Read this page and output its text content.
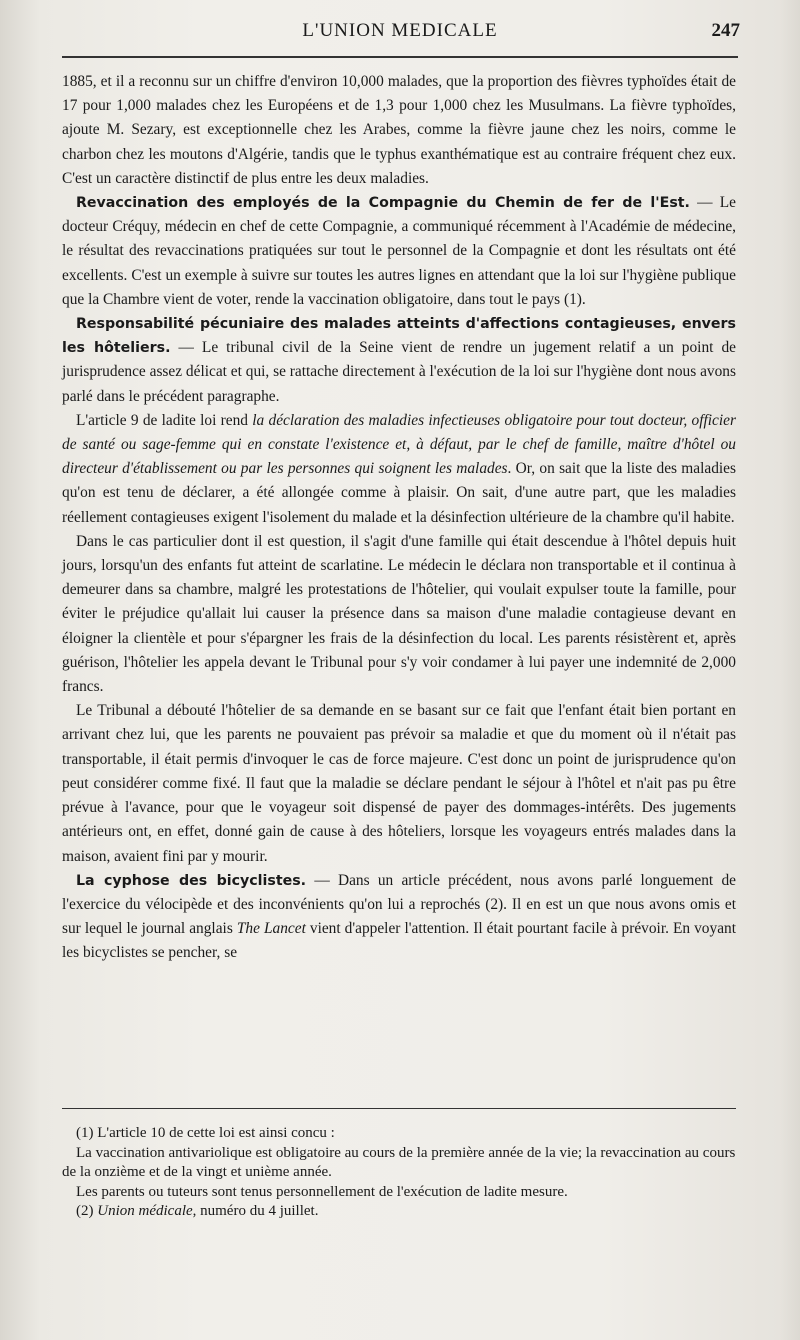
L'UNION MEDICALE	247

1885, et il a reconnu sur un chiffre d'environ 10,000 malades, que la proportion des fièvres typhoïdes était de 17 pour 1,000 malades chez les Européens et de 1,3 pour 1,000 chez les Musulmans. La fièvre typhoïdes, ajoute M. Sezary, est exceptionnelle chez les Arabes, comme la fièvre jaune chez les noirs, comme le charbon chez les moutons d'Algérie, tandis que le typhus exanthématique est au contraire fréquent chez eux. C'est un caractère distinctif de plus entre les deux maladies.

Revaccination des employés de la Compagnie du Chemin de fer de l'Est. — Le docteur Créquy, médecin en chef de cette Compagnie, a communiqué récemment à l'Académie de médecine, le résultat des revaccinations pratiquées sur tout le personnel de la Compagnie et dont les résultats ont été excellents. C'est un exemple à suivre sur toutes les autres lignes en attendant que la loi sur l'hygiène publique que la Chambre vient de voter, rende la vaccination obligatoire, dans tout le pays (1).

Responsabilité pécuniaire des malades atteints d'affections contagieuses, envers les hôteliers. — Le tribunal civil de la Seine vient de rendre un jugement relatif a un point de jurisprudence assez délicat et qui, se rattache directement à l'exécution de la loi sur l'hygiène dont nous avons parlé dans le précédent paragraphe.

L'article 9 de ladite loi rend la déclaration des maladies infectieuses obligatoire pour tout docteur, officier de santé ou sage-femme qui en constate l'existence et, à défaut, par le chef de famille, maître d'hôtel ou directeur d'établissement ou par les personnes qui soignent les malades. Or, on sait que la liste des maladies qu'on est tenu de déclarer, a été allongée comme à plaisir. On sait, d'une autre part, que les maladies réellement contagieuses exigent l'isolement du malade et la désinfection ultérieure de la chambre qu'il habite.

Dans le cas particulier dont il est question, il s'agit d'une famille qui était descendue à l'hôtel depuis huit jours, lorsqu'un des enfants fut atteint de scarlatine. Le médecin le déclara non transportable et il continua à demeurer dans sa chambre, malgré les protestations de l'hôtelier, qui voulait expulser toute la famille, pour éviter le préjudice qu'allait lui causer la présence dans sa maison d'une maladie contagieuse devant en éloigner la clientèle et pour s'épargner les frais de la désinfection du local. Les parents résistèrent et, après guérison, l'hôtelier les appela devant le Tribunal pour s'y voir condamer à lui payer une indemnité de 2,000 francs.

Le Tribunal a débouté l'hôtelier de sa demande en se basant sur ce fait que l'enfant était bien portant en arrivant chez lui, que les parents ne pouvaient pas prévoir sa maladie et que du moment où il n'était pas transportable, il était permis d'invoquer le cas de force majeure. C'est donc un point de jurisprudence qu'on peut considérer comme fixé. Il faut que la maladie se déclare pendant le séjour à l'hôtel et n'ait pas pu être prévue à l'avance, pour que le voyageur soit dispensé de payer des dommages-intérêts. Des jugements antérieurs ont, en effet, donné gain de cause à des hôteliers, lorsque les voyageurs entrés malades dans la maison, avaient fini par y mourir.

La cyphose des bicyclistes. — Dans un article précédent, nous avons parlé longuement de l'exercice du vélocipède et des inconvénients qu'on lui a reprochés (2). Il en est un que nous avons omis et sur lequel le journal anglais The Lancet vient d'appeler l'attention. Il était pourtant facile à prévoir. En voyant les bicyclistes se pencher, se

(1) L'article 10 de cette loi est ainsi concu :

La vaccination antivariolique est obligatoire au cours de la première année de la vie; la revaccination au cours de la onzième et de la vingt et unième année.

Les parents ou tuteurs sont tenus personnellement de l'exécution de ladite mesure.

(2) Union médicale, numéro du 4 juillet.
